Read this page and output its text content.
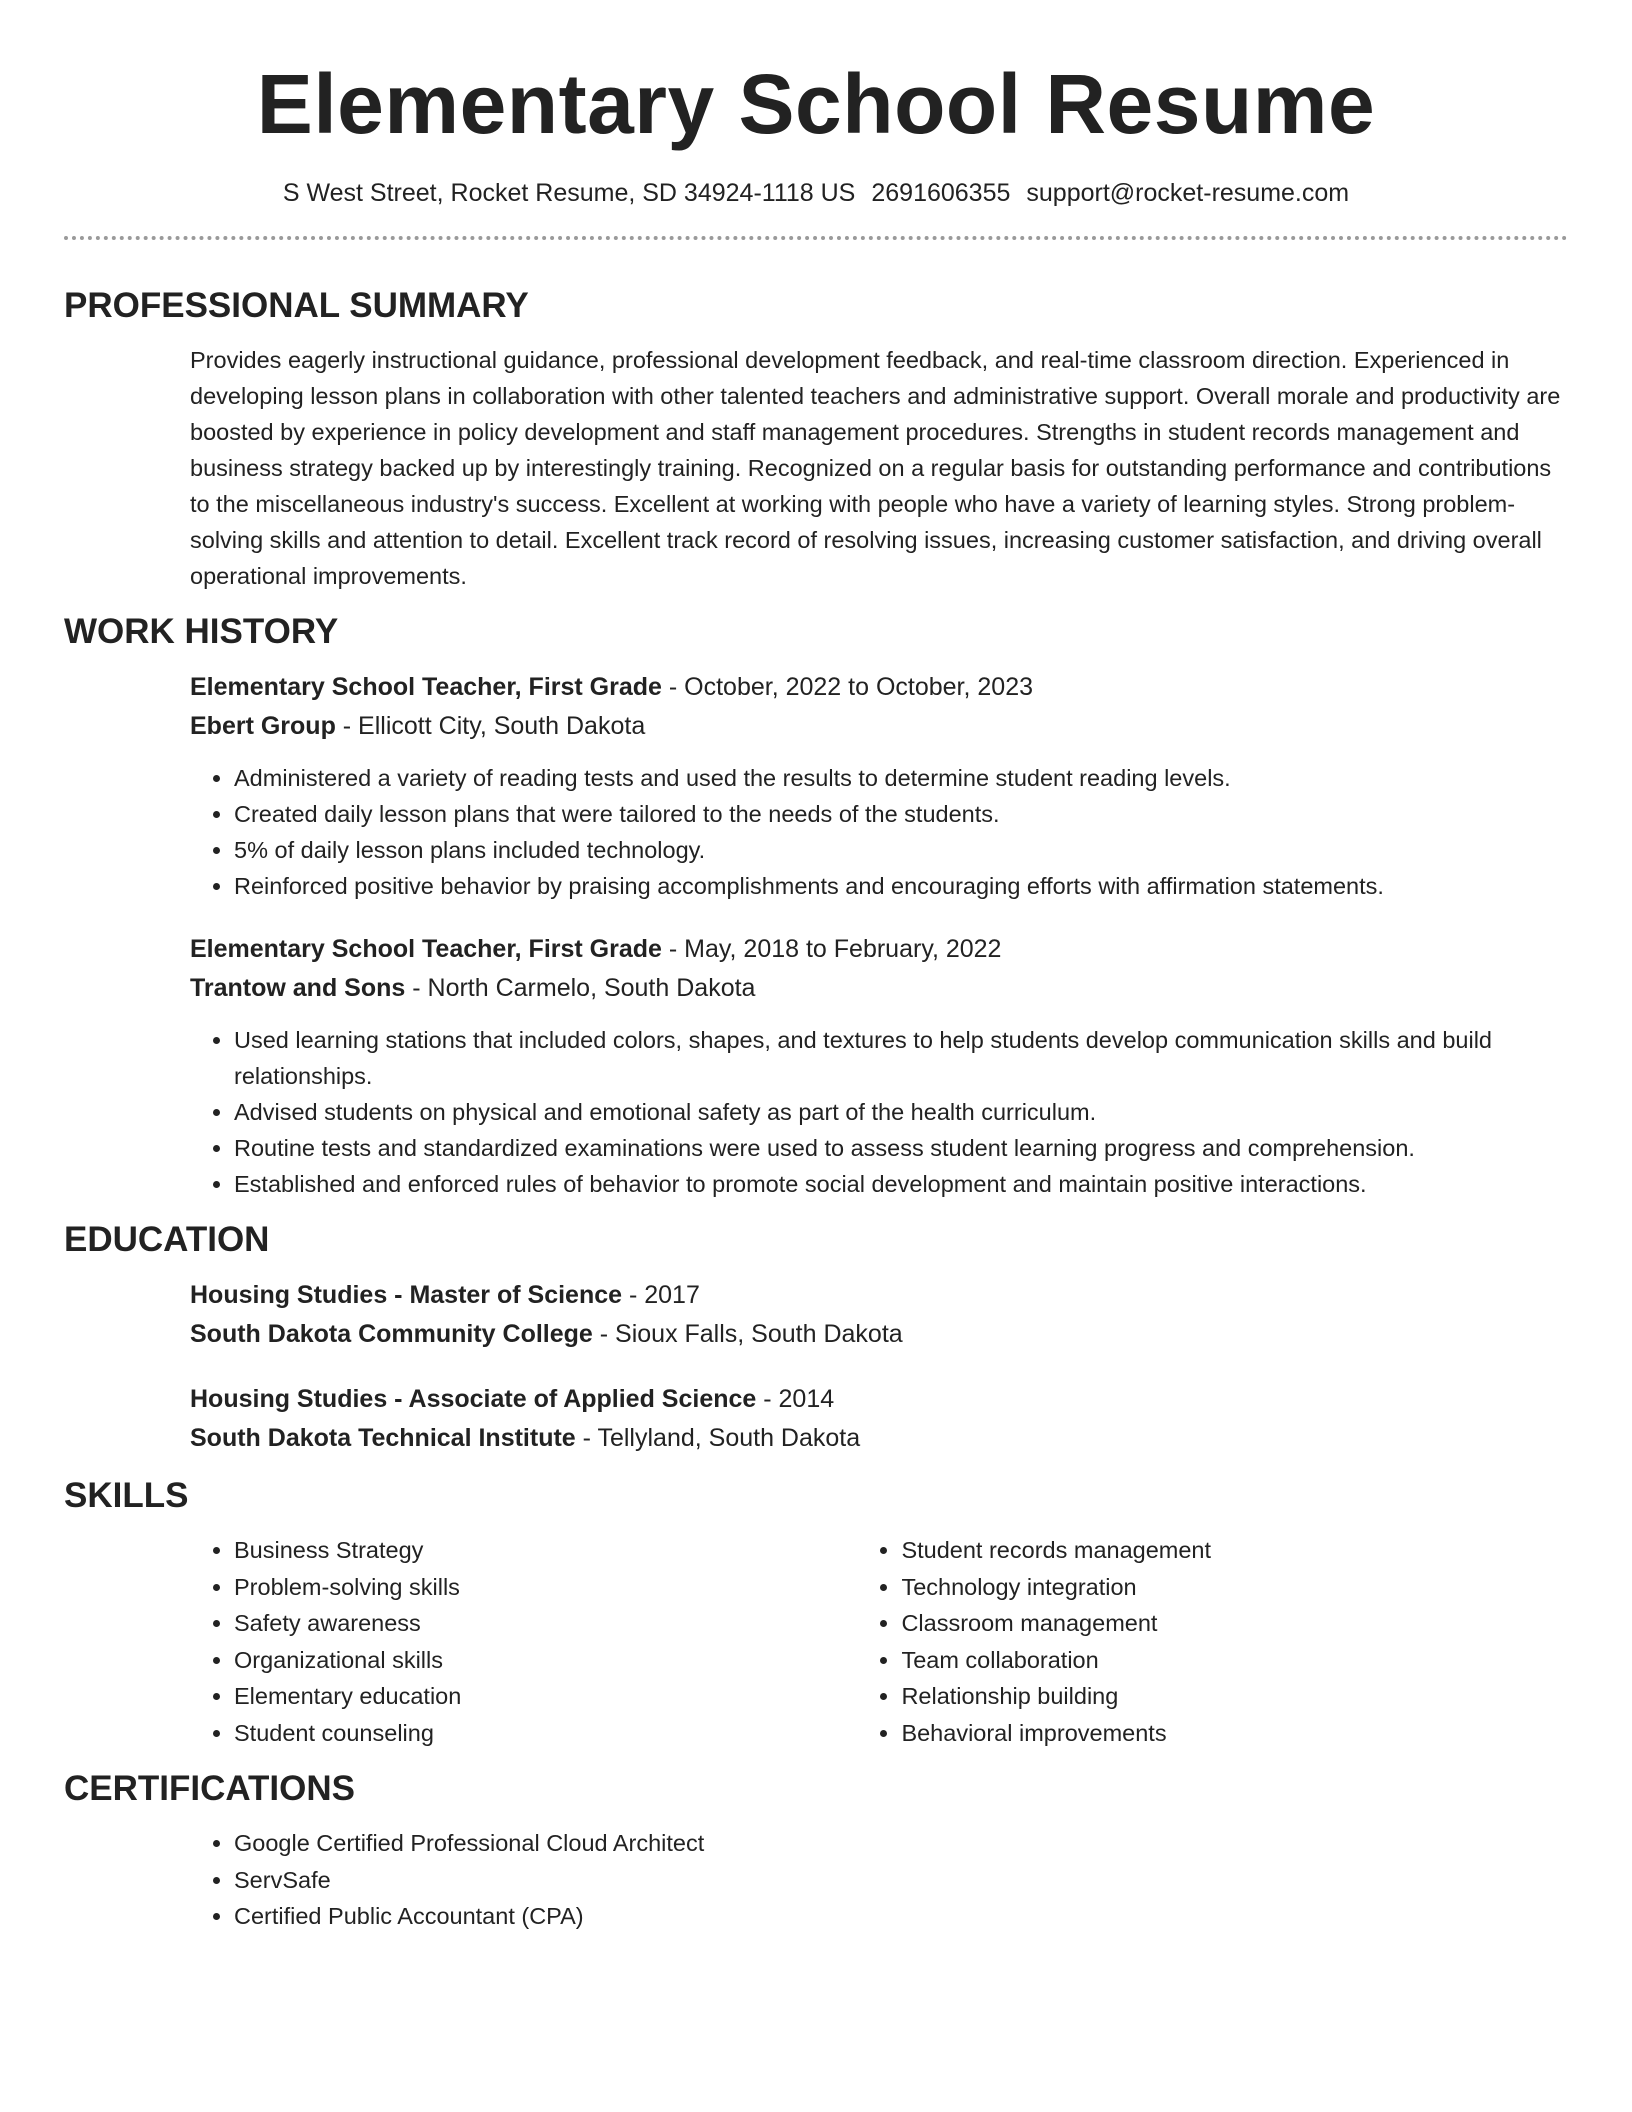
Elementary School Resume
S West Street, Rocket Resume, SD 34924-1118 US 2691606355 support@rocket-resume.com
PROFESSIONAL SUMMARY

Provides eagerly instructional guidance, professional development feedback, and real-time classroom direction. Experienced in developing lesson plans in collaboration with other talented teachers and administrative support. Overall morale and productivity are boosted by experience in policy development and staff management procedures. Strengths in student records management and business strategy backed up by interestingly training. Recognized on a regular basis for outstanding performance and contributions to the miscellaneous industry's success. Excellent at working with people who have a variety of learning styles. Strong problem-solving skills and attention to detail. Excellent track record of resolving issues, increasing customer satisfaction, and driving overall operational improvements.

WORK HISTORY
Elementary School Teacher, First Grade - October, 2022 to October, 2023
Ebert Group - Ellicott City, South Dakota
• Administered a variety of reading tests and used the results to determine student reading levels.
• Created daily lesson plans that were tailored to the needs of the students.
• 5% of daily lesson plans included technology.
• Reinforced positive behavior by praising accomplishments and encouraging efforts with affirmation statements.
Elementary School Teacher, First Grade - May, 2018 to February, 2022
Trantow and Sons - North Carmelo, South Dakota
• Used learning stations that included colors, shapes, and textures to help students develop communication skills and build relationships.
• Advised students on physical and emotional safety as part of the health curriculum.
• Routine tests and standardized examinations were used to assess student learning progress and comprehension.
• Established and enforced rules of behavior to promote social development and maintain positive interactions.
EDUCATION
Housing Studies - Master of Science - 2017
South Dakota Community College - Sioux Falls, South Dakota
Housing Studies - Associate of Applied Science - 2014
South Dakota Technical Institute - Tellyland, South Dakota
SKILLS
• Business Strategy
• Problem-solving skills
• Safety awareness
• Organizational skills
• Elementary education
• Student counseling
• Student records management
• Technology integration
• Classroom management
• Team collaboration
• Relationship building
• Behavioral improvements
CERTIFICATIONS
• Google Certified Professional Cloud Architect
• ServSafe
• Certified Public Accountant (CPA)
